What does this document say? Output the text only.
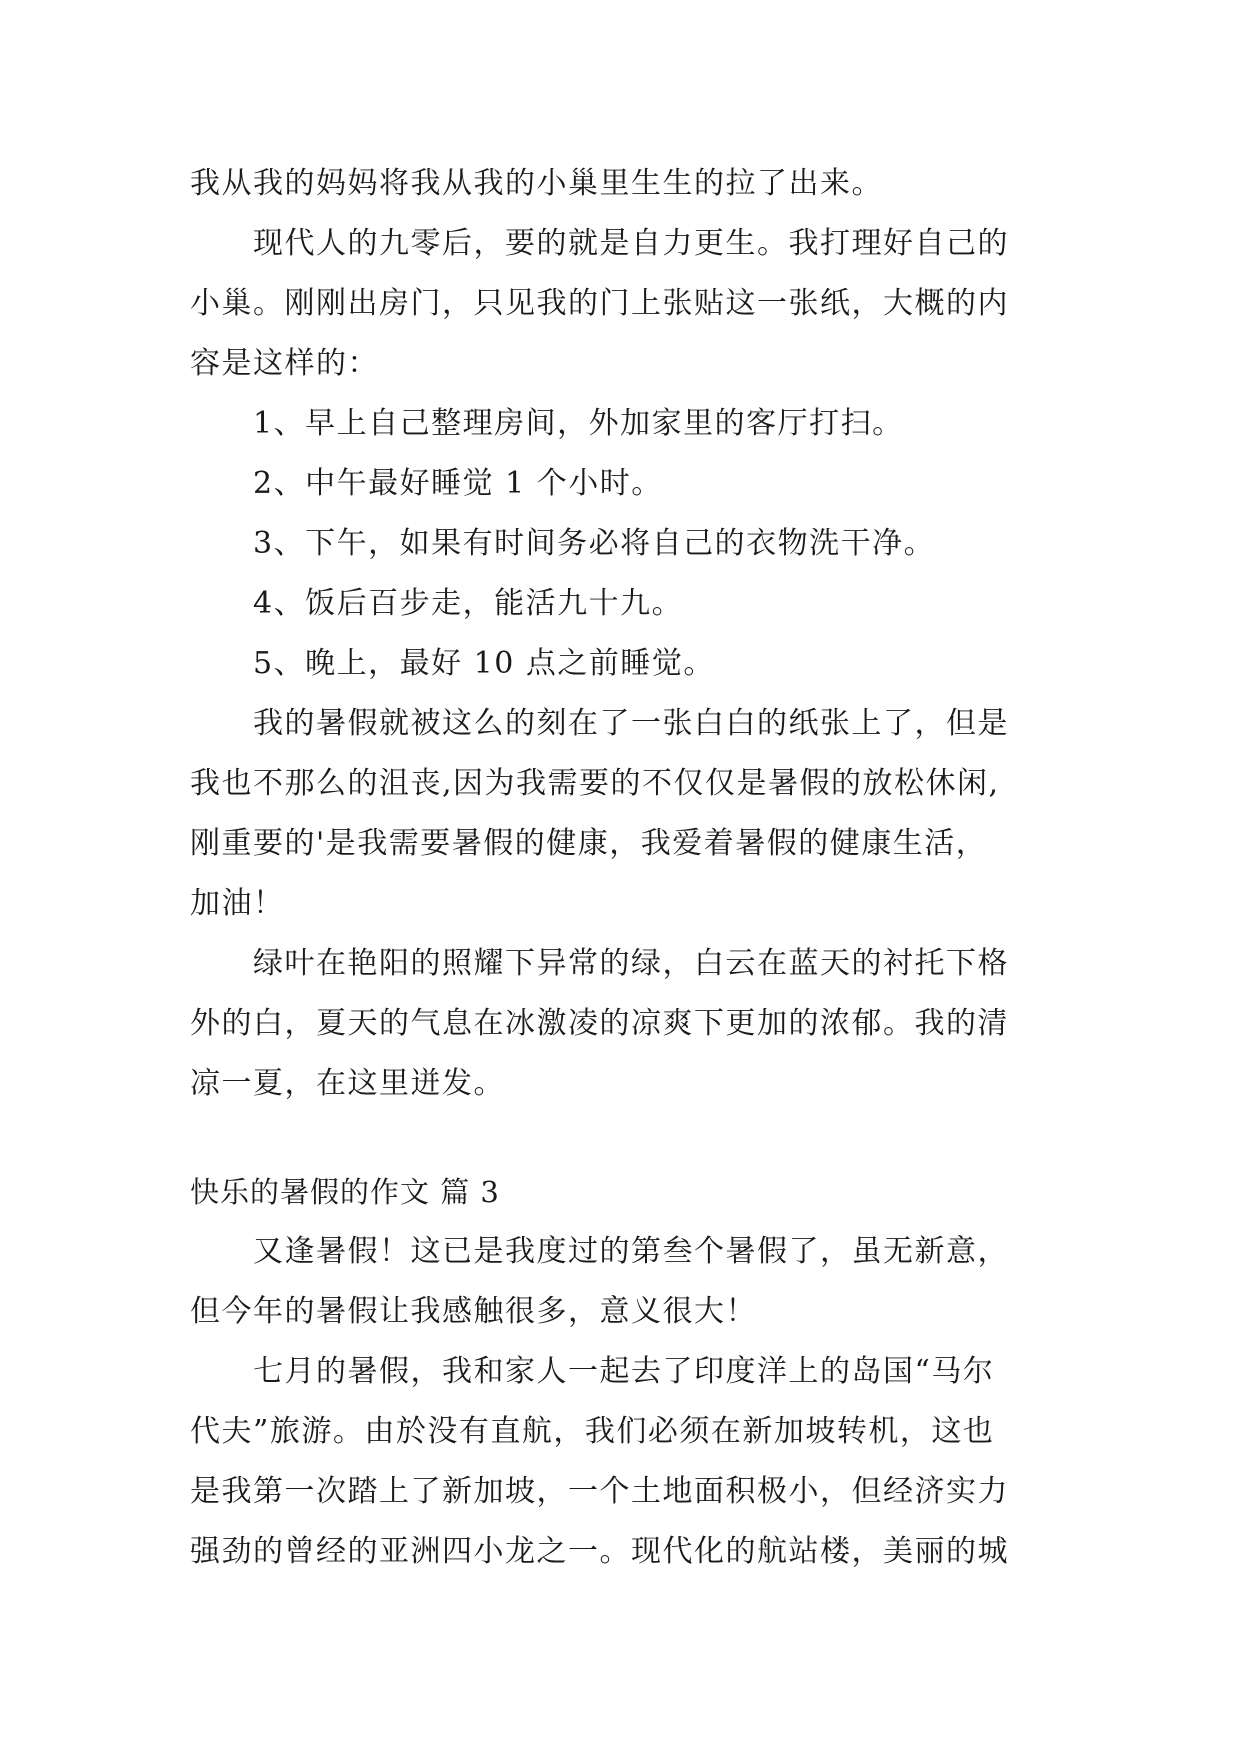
我从我的妈妈将我从我的小巢里生生的拉了出来。
现代人的九零后，要的就是自力更生。我打理好自己的
小巢。刚刚出房门，只见我的门上张贴这一张纸，大概的内
容是这样的：
1、早上自己整理房间，外加家里的客厅打扫。
2、中午最好睡觉 1 个小时。
3、下午，如果有时间务必将自己的衣物洗干净。
4、饭后百步走，能活九十九。
5、晚上，最好 10 点之前睡觉。
我的暑假就被这么的刻在了一张白白的纸张上了，但是
我也不那么的沮丧,因为我需要的不仅仅是暑假的放松休闲,
刚重要的'是我需要暑假的健康，我爱着暑假的健康生活，
加油！
绿叶在艳阳的照耀下异常的绿，白云在蓝天的衬托下格
外的白，夏天的气息在冰激凌的凉爽下更加的浓郁。我的清
凉一夏，在这里迸发。
快乐的暑假的作文 篇 3
又逢暑假！这已是我度过的第叁个暑假了，虽无新意，
但今年的暑假让我感触很多，意义很大！
七月的暑假，我和家人一起去了印度洋上的岛国“马尔
代夫”旅游。由於没有直航，我们必须在新加坡转机，这也
是我第一次踏上了新加坡，一个土地面积极小，但经济实力
强劲的曾经的亚洲四小龙之一。现代化的航站楼，美丽的城
